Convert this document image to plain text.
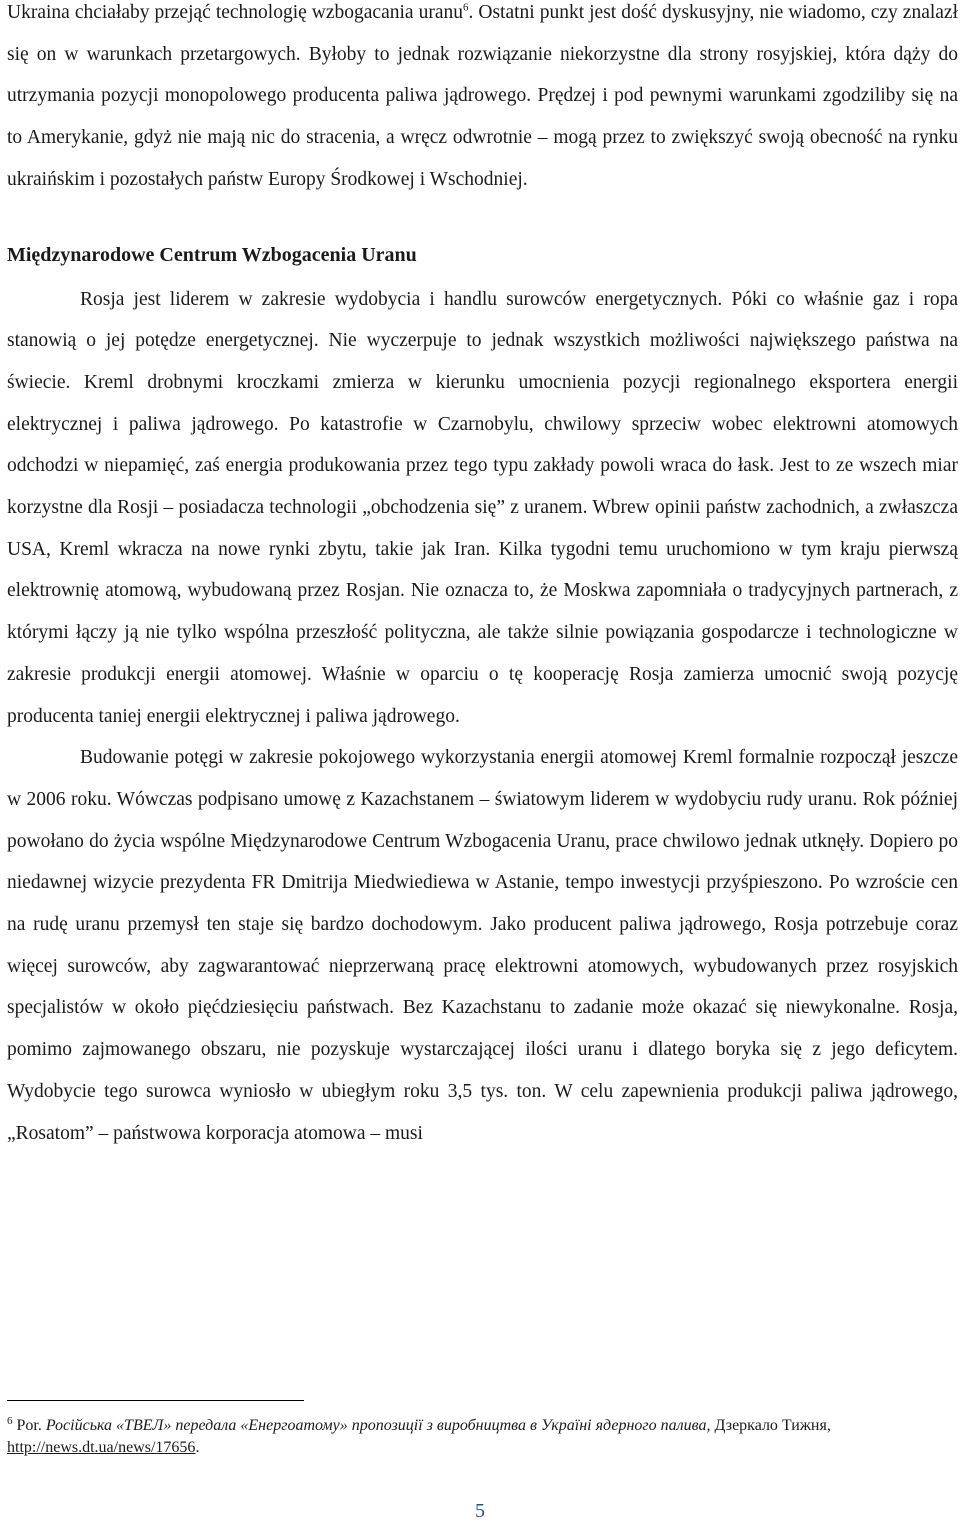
Ukraina chciałaby przejąć technologię wzbogacania uranu$^6$. Ostatni punkt jest dość dyskusyjny, nie wiadomo, czy znalazł się on w warunkach przetargowych. Byłoby to jednak rozwiązanie niekorzystne dla strony rosyjskiej, która dąży do utrzymania pozycji monopolowego producenta paliwa jądrowego. Prędzej i pod pewnymi warunkami zgodziliby się na to Amerykanie, gdyż nie mają nic do stracenia, a wręcz odwrotnie – mogą przez to zwiększyć swoją obecność na rynku ukraińskim i pozostałych państw Europy Środkowej i Wschodniej.

Międzynarodowe Centrum Wzbogacenia Uranu

Rosja jest liderem w zakresie wydobycia i handlu surowców energetycznych. Póki co właśnie gaz i ropa stanowią o jej potędze energetycznej. Nie wyczerpuje to jednak wszystkich możliwości największego państwa na świecie. Kreml drobnymi kroczkami zmierza w kierunku umocnienia pozycji regionalnego eksportera energii elektrycznej i paliwa jądrowego. Po katastrofie w Czarnobylu, chwilowy sprzeciw wobec elektrowni atomowych odchodzi w niepamięć, zaś energia produkowania przez tego typu zakłady powoli wraca do łask. Jest to ze wszech miar korzystne dla Rosji – posiadacza technologii „obchodzenia się” z uranem. Wbrew opinii państw zachodnich, a zwłaszcza USA, Kreml wkracza na nowe rynki zbytu, takie jak Iran. Kilka tygodni temu uruchomiono w tym kraju pierwszą elektrownię atomową, wybudowaną przez Rosjan. Nie oznacza to, że Moskwa zapomniała o tradycyjnych partnerach, z którymi łączy ją nie tylko wspólna przeszłość polityczna, ale także silnie powiązania gospodarcze i technologiczne w zakresie produkcji energii atomowej. Właśnie w oparciu o tę kooperację Rosja zamierza umocnić swoją pozycję producenta taniej energii elektrycznej i paliwa jądrowego.

Budowanie potęgi w zakresie pokojowego wykorzystania energii atomowej Kreml formalnie rozpoczął jeszcze w 2006 roku. Wówczas podpisano umowę z Kazachstanem – światowym liderem w wydobyciu rudy uranu. Rok później powołano do życia wspólne Międzynarodowe Centrum Wzbogacenia Uranu, prace chwilowo jednak utknęły. Dopiero po niedawnej wizycie prezydenta FR Dmitrija Miedwiediewa w Astanie, tempo inwestycji przyśpieszono. Po wzroście cen na rudę uranu przemysł ten staje się bardzo dochodowym. Jako producent paliwa jądrowego, Rosja potrzebuje coraz więcej surowców, aby zagwarantować nieprzerwaną pracę elektrowni atomowych, wybudowanych przez rosyjskich specjalistów w około pięćdziesięciu państwach. Bez Kazachstanu to zadanie może okazać się niewykonalne. Rosja, pomimo zajmowanego obszaru, nie pozyskuje wystarczającej ilości uranu i dlatego boryka się z jego deficytem. Wydobycie tego surowca wyniosło w ubiegłym roku 3,5 tys. ton. W celu zapewnienia produkcji paliwa jądrowego, „Rosatom” – państwowa korporacja atomowa – musi

$^6$ Por. Російська «ТВЕЛ» передала «Енергоатому» пропозиції з виробництва в Україні ядерного палива, Дзеркало Тижня, http://news.dt.ua/news/17656.

5
